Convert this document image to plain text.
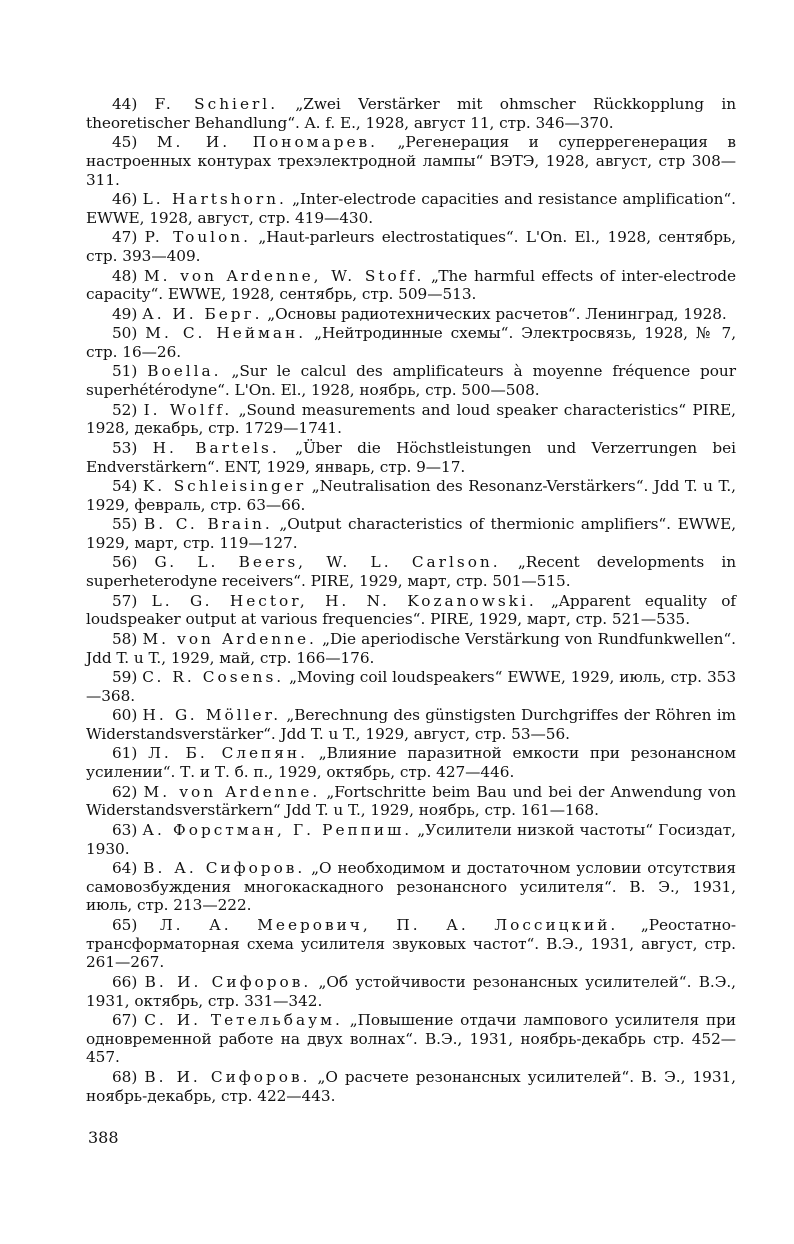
44) F. Schierl. „Zwei Verstärker mit ohmscher Rückkopplung in theoretischer Behandlung“. A. f. E., 1928, август 11, стр. 346—370.

45) М. И. Пономарев. „Регенерация и суперрегенерация в настроенных контурах трехэлектродной лампы“ ВЭТЭ, 1928, август, стр 308—311.

46) L. Hartshorn. „Inter-electrode capacities and resistance amplification“. EWWE, 1928, август, стр. 419—430.

47) P. Toulon. „Haut-parleurs electrostatiques“. L'On. El., 1928, сентябрь, стр. 393—409.

48) M. von Ardenne, W. Stoff. „The harmful effects of inter-electrode capacity“. EWWE, 1928, сентябрь, стр. 509—513.

49) А. И. Берг. „Основы радиотехнических расчетов“. Ленинград, 1928.

50) М. С. Нейман. „Нейтродинные схемы“. Электросвязь, 1928, № 7, стр. 16—26.

51) Boella. „Sur le calcul des amplificateurs à moyenne fréquence pour superhétérodyne“. L'On. El., 1928, ноябрь, стр. 500—508.

52) I. Wolff. „Sound measurements and loud speaker characteristics“ PIRE, 1928, декабрь, стр. 1729—1741.

53) H. Bartels. „Über die Höchstleistungen und Verzerrungen bei Endverstärkern“. ENT, 1929, январь, стр. 9—17.

54) K. Schleisinger „Neutralisation des Resonanz-Verstärkers“. Jdd T. u T., 1929, февраль, стр. 63—66.

55) B. C. Brain. „Output characteristics of thermionic amplifiers“. EWWE, 1929, март, стр. 119—127.

56) G. L. Beers, W. L. Carlson. „Recent developments in superheterodyne receivers“. PIRE, 1929, март, стр. 501—515.

57) L. G. Hector, H. N. Kozanowski. „Apparent equality of loudspeaker output at various frequencies“. PIRE, 1929, март, стр. 521—535.

58) M. von Ardenne. „Die aperiodische Verstärkung von Rundfunkwellen“. Jdd T. u T., 1929, май, стр. 166—176.

59) C. R. Cosens. „Moving coil loudspeakers“ EWWE, 1929, июль, стр. 353—368.

60) H. G. Möller. „Berechnung des günstigsten Durchgriffes der Röhren im Widerstandsverstärker“. Jdd T. u T., 1929, август, стр. 53—56.

61) Л. Б. Слепян. „Влияние паразитной емкости при резонансном усилении“. Т. и Т. б. п., 1929, октябрь, стр. 427—446.

62) M. von Ardenne. „Fortschritte beim Bau und bei der Anwendung von Widerstandsverstärkern“ Jdd T. u T., 1929, ноябрь, стр. 161—168.

63) А. Форстман, Г. Реппиш. „Усилители низкой частоты“ Госиздат, 1930.

64) В. А. Сифоров. „О необходимом и достаточном условии отсутствия самовозбуждения многокаскадного резонансного усилителя“. В. Э., 1931, июль, стр. 213—222.

65) Л. А. Меерович, П. А. Лоссицкий. „Реостатно-трансформаторная схема усилителя звуковых частот“. В.Э., 1931, август, стр. 261—267.

66) В. И. Сифоров. „Об устойчивости резонансных усилителей“. В.Э., 1931, октябрь, стр. 331—342.

67) С. И. Тетельбаум. „Повышение отдачи лампового усилителя при одновременной работе на двух волнах“. В.Э., 1931, ноябрь-декабрь стр. 452—457.

68) В. И. Сифоров. „О расчете резонансных усилителей“. В. Э., 1931, ноябрь-декабрь, стр. 422—443.

388
